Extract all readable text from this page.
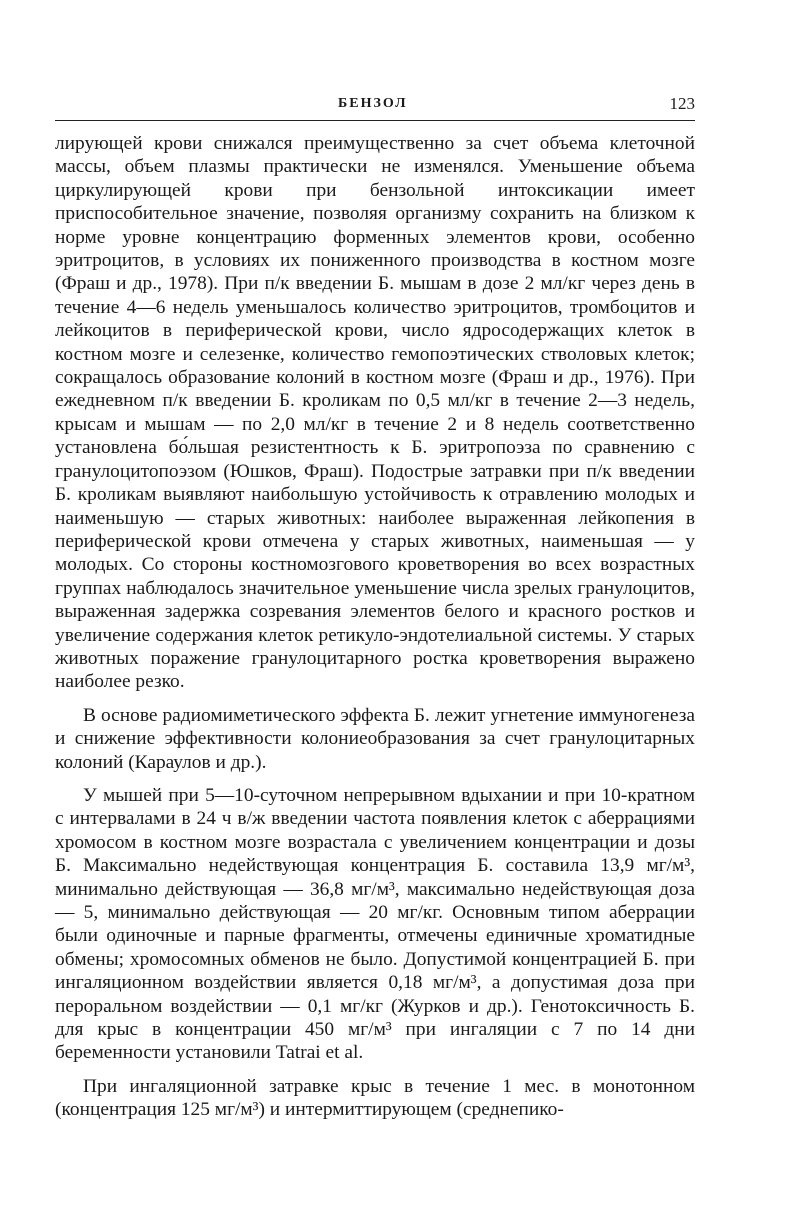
БЕНЗОЛ	123

лирующей крови снижался преимущественно за счет объема клеточной массы, объем плазмы практически не изменялся. Уменьшение объема циркулирующей крови при бензольной интоксикации имеет приспособительное значение, позволяя организму сохранить на близком к норме уровне концентрацию форменных элементов крови, особенно эритроцитов, в условиях их пониженного производства в костном мозге (Фраш и др., 1978). При п/к введении Б. мышам в дозе 2 мл/кг через день в течение 4—6 недель уменьшалось количество эритроцитов, тромбоцитов и лейкоцитов в периферической крови, число ядросодержащих клеток в костном мозге и селезенке, количество гемопоэтических стволовых клеток; сокращалось образование колоний в костном мозге (Фраш и др., 1976). При ежедневном п/к введении Б. кроликам по 0,5 мл/кг в течение 2—3 недель, крысам и мышам — по 2,0 мл/кг в течение 2 и 8 недель соответственно установлена бо́льшая резистентность к Б. эритропоэза по сравнению с гранулоцитопоэзом (Юшков, Фраш). Подострые затравки при п/к введении Б. кроликам выявляют наибольшую устойчивость к отравлению молодых и наименьшую — старых животных: наиболее выраженная лейкопения в периферической крови отмечена у старых животных, наименьшая — у молодых. Со стороны костномозгового кроветворения во всех возрастных группах наблюдалось значительное уменьшение числа зрелых гранулоцитов, выраженная задержка созревания элементов белого и красного ростков и увеличение содержания клеток ретикуло-эндотелиальной системы. У старых животных поражение гранулоцитарного ростка кроветворения выражено наиболее резко.

В основе радиомиметического эффекта Б. лежит угнетение иммуногенеза и снижение эффективности колониеобразования за счет гранулоцитарных колоний (Караулов и др.).

У мышей при 5—10-суточном непрерывном вдыхании и при 10-кратном с интервалами в 24 ч в/ж введении частота появления клеток с аберрациями хромосом в костном мозге возрастала с увеличением концентрации и дозы Б. Максимально недействующая концентрация Б. составила 13,9 мг/м³, минимально действующая — 36,8 мг/м³, максимально недействующая доза — 5, минимально действующая — 20 мг/кг. Основным типом аберрации были одиночные и парные фрагменты, отмечены единичные хроматидные обмены; хромосомных обменов не было. Допустимой концентрацией Б. при ингаляционном воздействии является 0,18 мг/м³, а допустимая доза при пероральном воздействии — 0,1 мг/кг (Журков и др.). Генотоксичность Б. для крыс в концентрации 450 мг/м³ при ингаляции с 7 по 14 дни беременности установили Tatrai et al.

При ингаляционной затравке крыс в течение 1 мес. в монотонном (концентрация 125 мг/м³) и интермиттирующем (среднепико-
